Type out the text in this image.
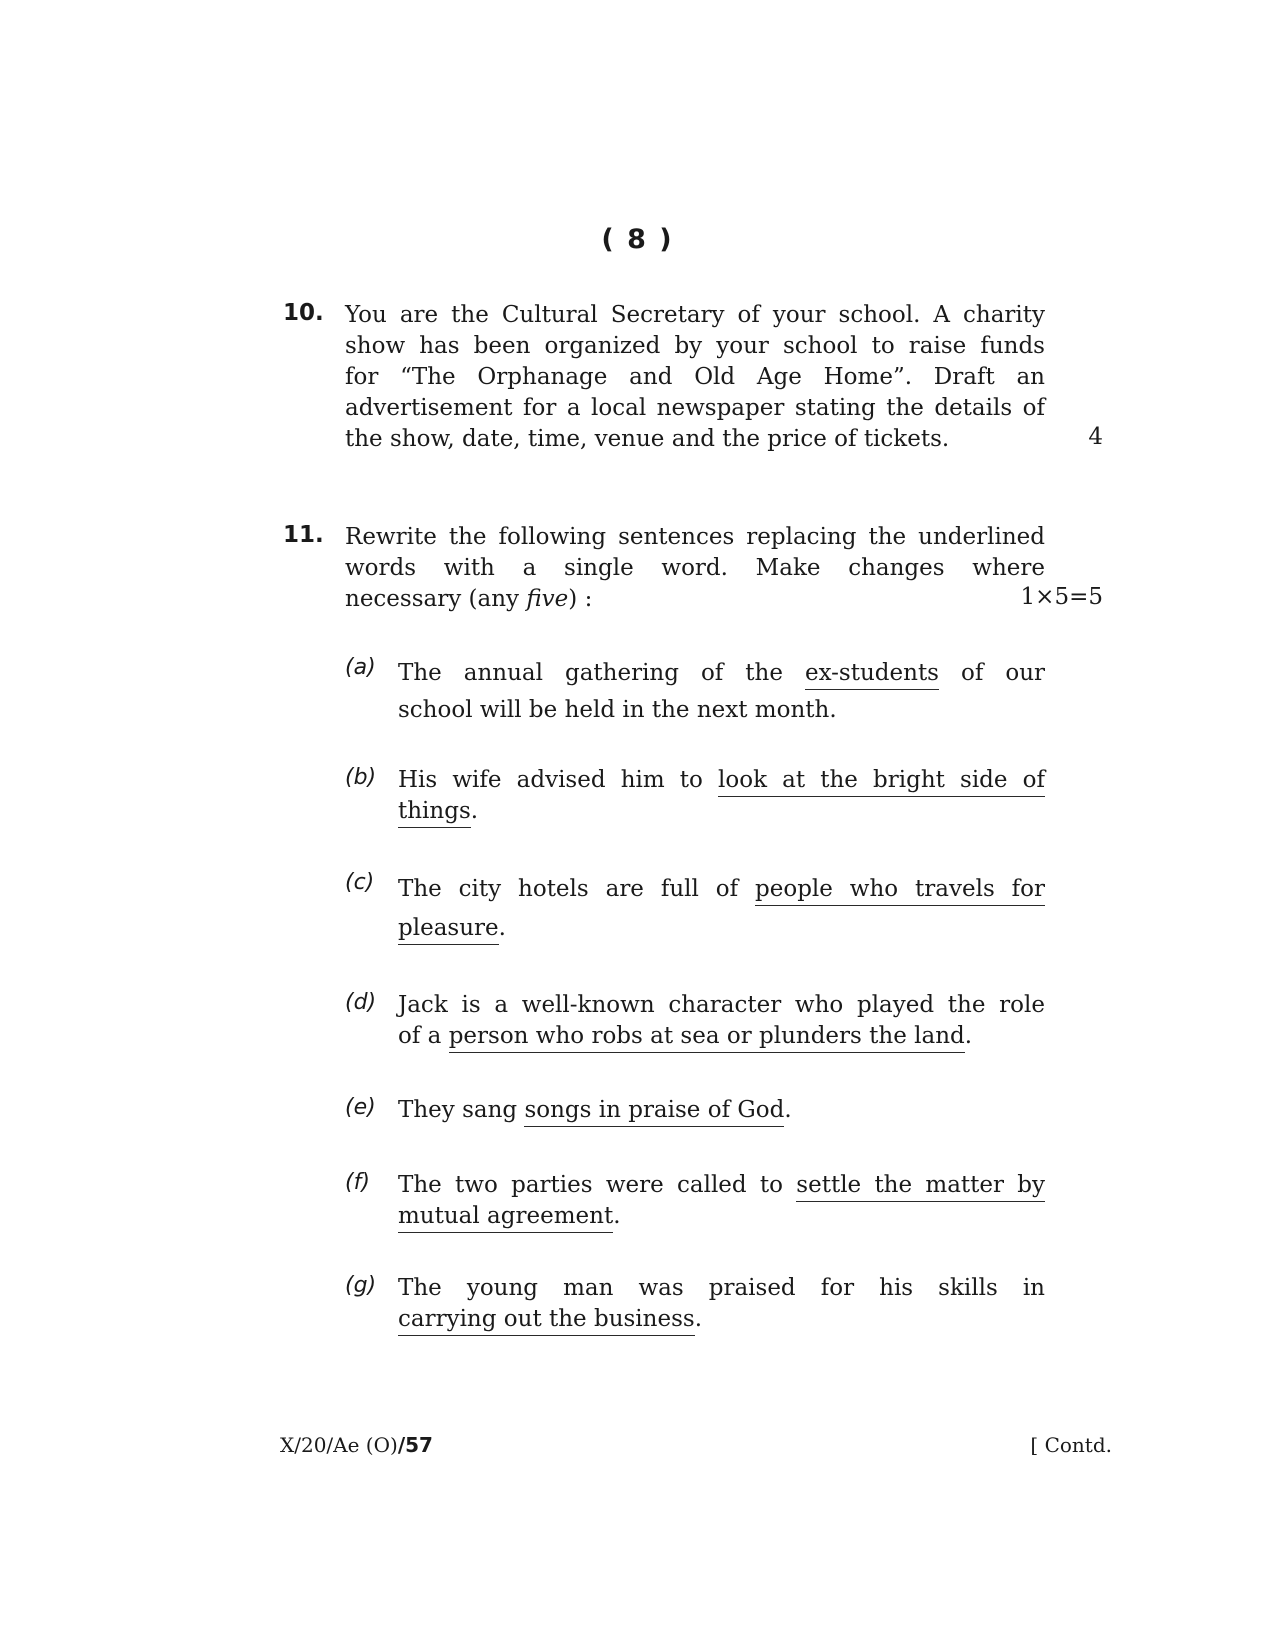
( 8 )
10. You are the Cultural Secretary of your school. A charity
show has been organized by your school to raise funds
for “The Orphanage and Old Age Home”. Draft an
advertisement for a local newspaper stating the details of
the show, date, time, venue and the price of tickets.	4
11. Rewrite the following sentences replacing the underlined
words with a single word. Make changes where
necessary (any five) :	1×5=5
(a) The annual gathering of the ex-students of our
school will be held in the next month.
(b) His wife advised him to look at the bright side of
things.
(c) The city hotels are full of people who travels for
pleasure.
(d) Jack is a well-known character who played the role
of a person who robs at sea or plunders the land.
(e) They sang songs in praise of God.
(f) The two parties were called to settle the matter by
mutual agreement.
(g) The young man was praised for his skills in
carrying out the business.
X/20/Ae (O)/57	[ Contd.
